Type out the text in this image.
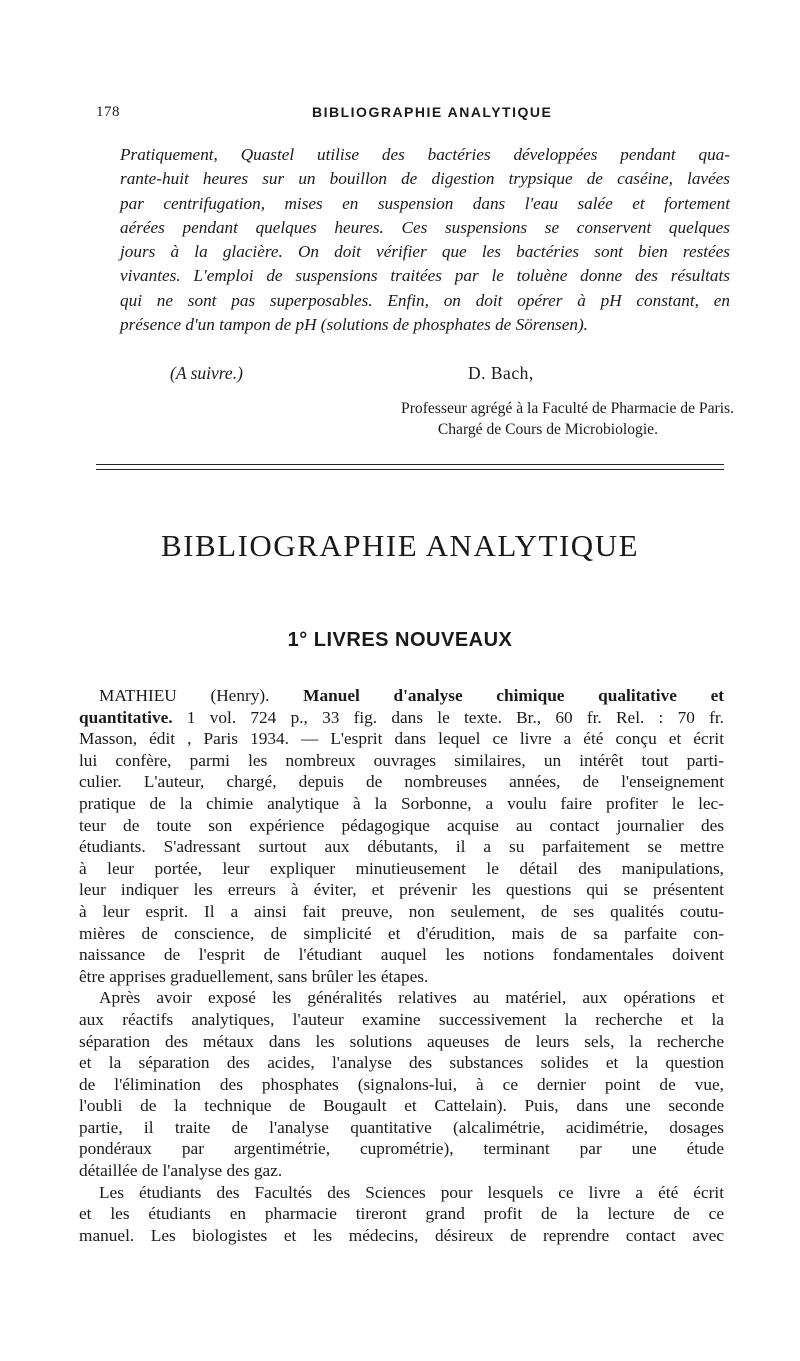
178	BIBLIOGRAPHIE ANALYTIQUE
Pratiquement, Quastel utilise des bactéries développées pendant qua-
rante-huit heures sur un bouillon de digestion trypsique de caséine, lavées
par centrifugation, mises en suspension dans l'eau salée et fortement
aérées pendant quelques heures. Ces suspensions se conservent quelques
jours à la glacière. On doit vérifier que les bactéries sont bien restées
vivantes. L'emploi de suspensions traitées par le toluène donne des résultats
qui ne sont pas superposables. Enfin, on doit opérer à pH constant, en
présence d'un tampon de pH (solutions de phosphates de Sörensen).
(A suivre.)	D. Bach,
Professeur agrégé à la Faculté de Pharmacie de Paris.
Chargé de Cours de Microbiologie.
BIBLIOGRAPHIE ANALYTIQUE
1° LIVRES NOUVEAUX
MATHIEU (Henry). Manuel d'analyse chimique qualitative et
quantitative. 1 vol. 724 p., 33 fig. dans le texte. Br., 60 fr. Rel. : 70 fr.
Masson, édit , Paris 1934. — L'esprit dans lequel ce livre a été conçu et écrit
lui confère, parmi les nombreux ouvrages similaires, un intérêt tout parti-
culier. L'auteur, chargé, depuis de nombreuses années, de l'enseignement
pratique de la chimie analytique à la Sorbonne, a voulu faire profiter le lec-
teur de toute son expérience pédagogique acquise au contact journalier des
étudiants. S'adressant surtout aux débutants, il a su parfaitement se mettre
à leur portée, leur expliquer minutieusement le détail des manipulations,
leur indiquer les erreurs à éviter, et prévenir les questions qui se présentent
à leur esprit. Il a ainsi fait preuve, non seulement, de ses qualités coutu-
mières de conscience, de simplicité et d'érudition, mais de sa parfaite con-
naissance de l'esprit de l'étudiant auquel les notions fondamentales doivent
être apprises graduellement, sans brûler les étapes.
Après avoir exposé les généralités relatives au matériel, aux opérations et
aux réactifs analytiques, l'auteur examine successivement la recherche et la
séparation des métaux dans les solutions aqueuses de leurs sels, la recherche
et la séparation des acides, l'analyse des substances solides et la question
de l'élimination des phosphates (signalons-lui, à ce dernier point de vue,
l'oubli de la technique de Bougault et Cattelain). Puis, dans une seconde
partie, il traite de l'analyse quantitative (alcalimétrie, acidimétrie, dosages
pondéraux par argentimétrie, cuprométrie), terminant par une étude
détaillée de l'analyse des gaz.
Les étudiants des Facultés des Sciences pour lesquels ce livre a été écrit
et les étudiants en pharmacie tireront grand profit de la lecture de ce
manuel. Les biologistes et les médecins, désireux de reprendre contact avec
